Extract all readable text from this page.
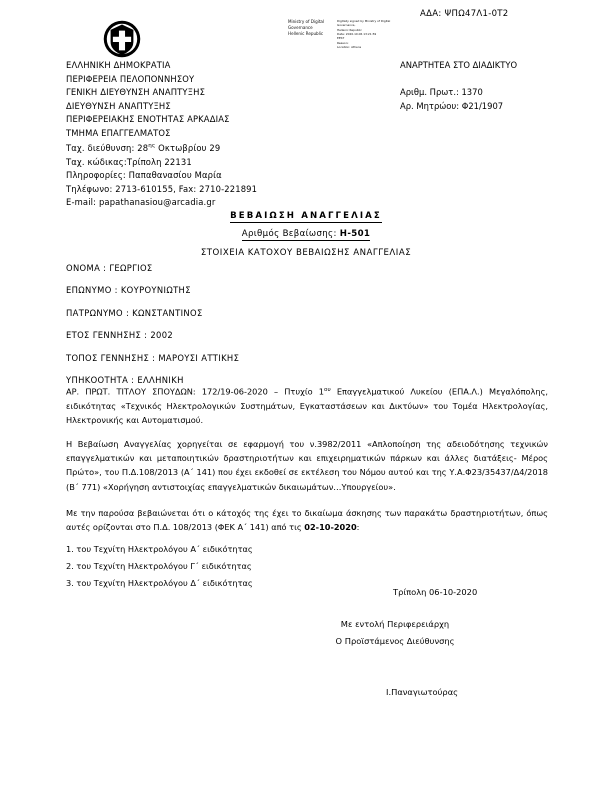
ΑΔΑ: ΨΠΩ47Λ1-0Τ2
Ministry of Digital
Governance
Hellenic Republic
Digitally signed by Ministry of Digital Governance,
Hellenic Republic
Date: 2020.10.06 13:21:59
EEST
Reason:
Location: Athens
ΕΛΛΗΝΙΚΗ ΔΗΜΟΚΡΑΤΙΑ
ΠΕΡΙΦΕΡΕΙΑ ΠΕΛΟΠΟΝΝΗΣΟΥ
ΓΕΝΙΚΗ ΔΙΕΥΘΥΝΣΗ ΑΝΑΠΤΥΞΗΣ
ΔΙΕΥΘΥΝΣΗ ΑΝΑΠΤΥΞΗΣ
ΠΕΡΙΦΕΡΕΙΑΚΗΣ ΕΝΟΤΗΤΑΣ ΑΡΚΑΔΙΑΣ
ΤΜΗΜΑ ΕΠΑΓΓΕΛΜΑΤΟΣ
Ταχ. διεύθυνση: $28^{\eta\varsigma}$ Οκτωβρίου 29
Ταχ. κώδικας:Τρίπολη 22131
Πληροφορίες: Παπαθανασίου Μαρία
Τηλέφωνο: 2713-610155, Fax: 2710-221891
E-mail: papathanasiou@arcadia.gr
ΑΝΑΡΤΗΤΕΑ ΣΤΟ ΔΙΑΔΙΚΤΥΟ
Αριθμ. Πρωτ.: 1370
Αρ. Μητρώου: Φ21/1907
ΒΕΒΑΙΩΣΗ ΑΝΑΓΓΕΛΙΑΣ
Αριθμός Βεβαίωσης: Η-501
ΣΤΟΙΧΕΙΑ ΚΑΤΟΧΟΥ ΒΕΒΑΙΩΣΗΣ ΑΝΑΓΓΕΛΙΑΣ
ΟΝΟΜΑ : ΓΕΩΡΓΙΟΣ
ΕΠΩΝΥΜΟ : ΚΟΥΡΟΥΝΙΩΤΗΣ
ΠΑΤΡΩΝΥΜΟ : ΚΩΝΣΤΑΝΤΙΝΟΣ
ΕΤΟΣ ΓΕΝΝΗΣΗΣ : 2002
ΤΟΠΟΣ ΓΕΝΝΗΣΗΣ : ΜΑΡΟΥΣΙ ΑΤΤΙΚΗΣ
ΥΠΗΚΟΟΤΗΤΑ : ΕΛΛΗΝΙΚΗ
ΑΡ. ΠΡΩΤ. ΤΙΤΛΟΥ ΣΠΟΥΔΩΝ: 172/19-06-2020 – Πτυχίο $1^{o\upsilon}$ Επαγγελματικού Λυκείου (ΕΠΑ.Λ.) Μεγαλόπολης, ειδικότητας «Τεχνικός Ηλεκτρολογικών Συστημάτων, Εγκαταστάσεων και Δικτύων» του Τομέα Ηλεκτρολογίας, Ηλεκτρονικής και Αυτοματισμού.
Η Βεβαίωση Αναγγελίας χορηγείται σε εφαρμογή του ν.3982/2011 «Απλοποίηση της αδειοδότησης τεχνικών επαγγελματικών και μεταποιητικών δραστηριοτήτων και επιχειρηματικών πάρκων και άλλες διατάξεις- Μέρος Πρώτο», του Π.Δ.108/2013 (Α΄ 141) που έχει εκδοθεί σε εκτέλεση του Νόμου αυτού και της Υ.Α.Φ23/35437/Δ4/2018 (Β΄ 771) «Χορήγηση αντιστοιχίας επαγγελματικών δικαιωμάτων…Υπουργείου».
Με την παρούσα βεβαιώνεται ότι ο κάτοχός της έχει το δικαίωμα άσκησης των παρακάτω δραστηριοτήτων, όπως αυτές ορίζονται στο Π.Δ. 108/2013 (ΦΕΚ Α΄ 141) από τις 02-10-2020:
1. του Τεχνίτη Ηλεκτρολόγου Α΄ ειδικότητας
2. του Τεχνίτη Ηλεκτρολόγου Γ΄ ειδικότητας
3. του Τεχνίτη Ηλεκτρολόγου Δ΄ ειδικότητας
Τρίπολη 06-10-2020
Με εντολή Περιφερειάρχη
Ο Προϊστάμενος Διεύθυνσης
Ι.Παναγιωτούρας
